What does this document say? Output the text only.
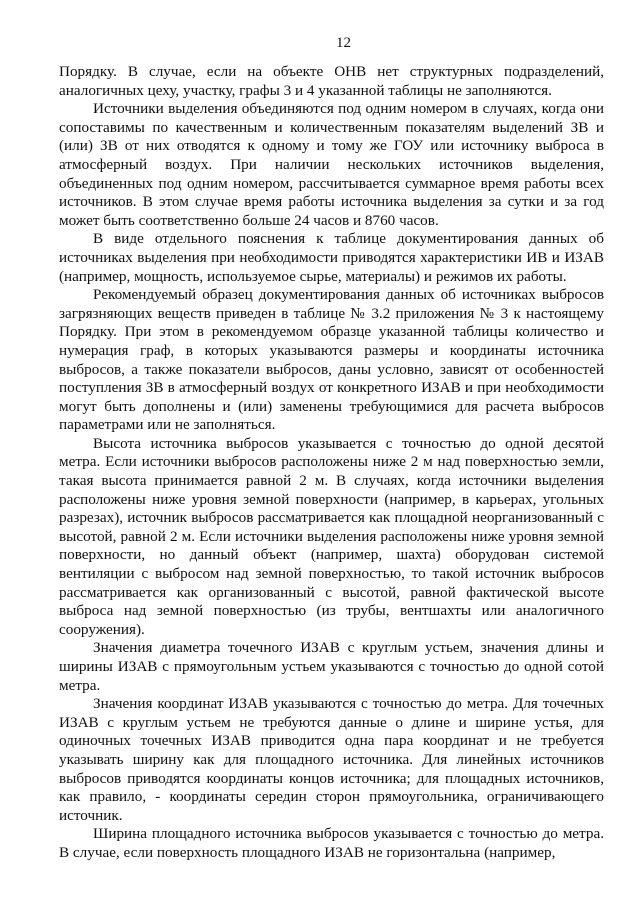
12

Порядку. В случае, если на объекте ОНВ нет структурных подразделений, аналогичных цеху, участку, графы 3 и 4 указанной таблицы не заполняются.

Источники выделения объединяются под одним номером в случаях, когда они сопоставимы по качественным и количественным показателям выделений ЗВ и (или) ЗВ от них отводятся к одному и тому же ГОУ или источнику выброса в атмосферный воздух. При наличии нескольких источников выделения, объединенных под одним номером, рассчитывается суммарное время работы всех источников. В этом случае время работы источника выделения за сутки и за год может быть соответственно больше 24 часов и 8760 часов.

В виде отдельного пояснения к таблице документирования данных об источниках выделения при необходимости приводятся характеристики ИВ и ИЗАВ (например, мощность, используемое сырье, материалы) и режимов их работы.

Рекомендуемый образец документирования данных об источниках выбросов загрязняющих веществ приведен в таблице № 3.2 приложения № 3 к настоящему Порядку. При этом в рекомендуемом образце указанной таблицы количество и нумерация граф, в которых указываются размеры и координаты источника выбросов, а также показатели выбросов, даны условно, зависят от особенностей поступления ЗВ в атмосферный воздух от конкретного ИЗАВ и при необходимости могут быть дополнены и (или) заменены требующимися для расчета выбросов параметрами или не заполняться.

Высота источника выбросов указывается с точностью до одной десятой метра. Если источники выбросов расположены ниже 2 м над поверхностью земли, такая высота принимается равной 2 м. В случаях, когда источники выделения расположены ниже уровня земной поверхности (например, в карьерах, угольных разрезах), источник выбросов рассматривается как площадной неорганизованный с высотой, равной 2 м. Если источники выделения расположены ниже уровня земной поверхности, но данный объект (например, шахта) оборудован системой вентиляции с выбросом над земной поверхностью, то такой источник выбросов рассматривается как организованный с высотой, равной фактической высоте выброса над земной поверхностью (из трубы, вентшахты или аналогичного сооружения).

Значения диаметра точечного ИЗАВ с круглым устьем, значения длины и ширины ИЗАВ с прямоугольным устьем указываются с точностью до одной сотой метра.

Значения координат ИЗАВ указываются с точностью до метра. Для точечных ИЗАВ с круглым устьем не требуются данные о длине и ширине устья, для одиночных точечных ИЗАВ приводится одна пара координат и не требуется указывать ширину как для площадного источника. Для линейных источников выбросов приводятся координаты концов источника; для площадных источников, как правило, - координаты середин сторон прямоугольника, ограничивающего источник.

Ширина площадного источника выбросов указывается с точностью до метра. В случае, если поверхность площадного ИЗАВ не горизонтальна (например,
